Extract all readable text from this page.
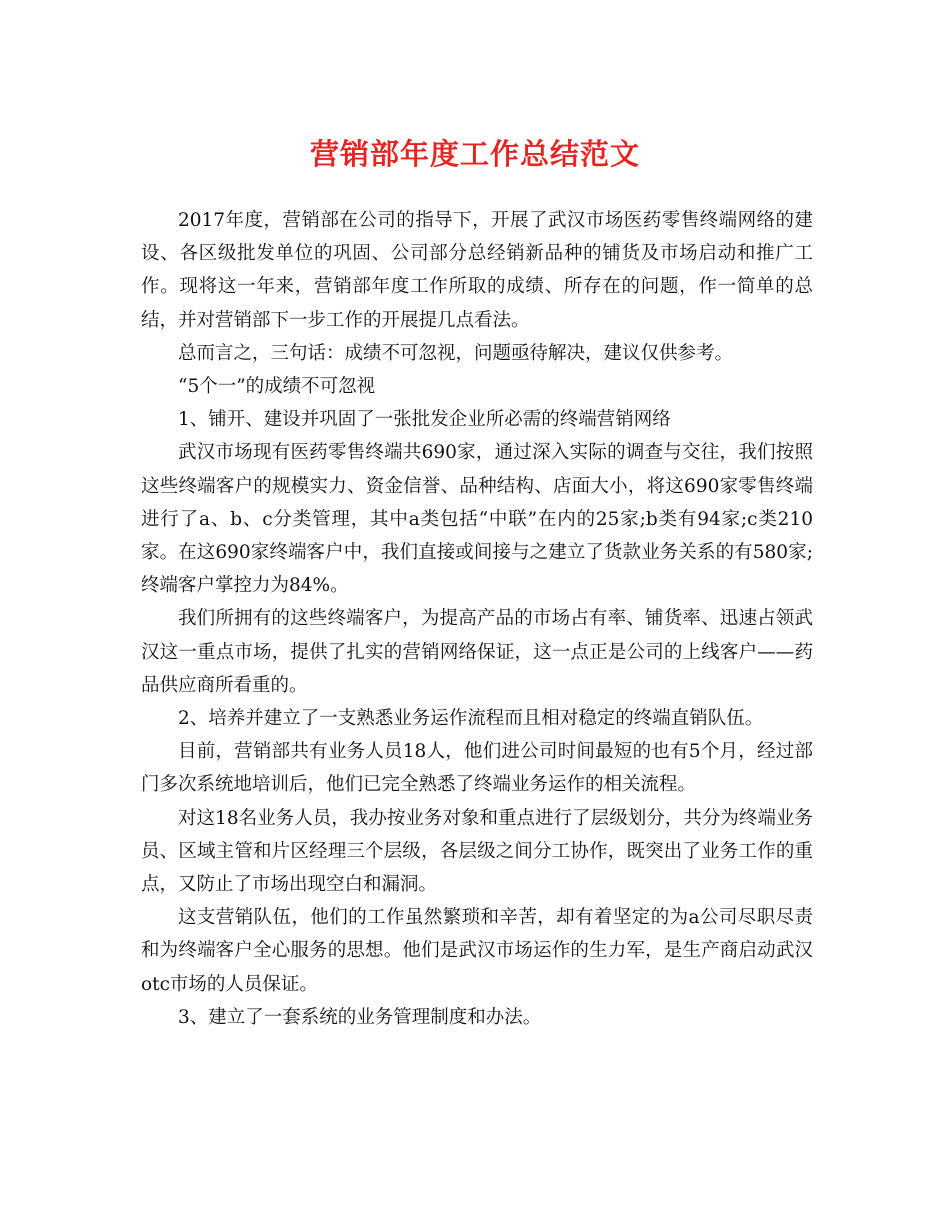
营销部年度工作总结范文

2017年度，营销部在公司的指导下，开展了武汉市场医药零售终端网络的建设、各区级批发单位的巩固、公司部分总经销新品种的铺货及市场启动和推广工作。现将这一年来，营销部年度工作所取的成绩、所存在的问题，作一简单的总结，并对营销部下一步工作的开展提几点看法。

总而言之，三句话：成绩不可忽视，问题亟待解决，建议仅供参考。

“5个一”的成绩不可忽视

1、铺开、建设并巩固了一张批发企业所必需的终端营销网络

武汉市场现有医药零售终端共690家，通过深入实际的调查与交往，我们按照这些终端客户的规模实力、资金信誉、品种结构、店面大小，将这690家零售终端进行了a、b、c分类管理，其中a类包括“中联”在内的25家;b类有94家;c类210家。在这690家终端客户中，我们直接或间接与之建立了货款业务关系的有580家;终端客户掌控力为84%。

我们所拥有的这些终端客户，为提高产品的市场占有率、铺货率、迅速占领武汉这一重点市场，提供了扎实的营销网络保证，这一点正是公司的上线客户——药品供应商所看重的。

2、培养并建立了一支熟悉业务运作流程而且相对稳定的终端直销队伍。

目前，营销部共有业务人员18人，他们进公司时间最短的也有5个月，经过部门多次系统地培训后，他们已完全熟悉了终端业务运作的相关流程。

对这18名业务人员，我办按业务对象和重点进行了层级划分，共分为终端业务员、区域主管和片区经理三个层级，各层级之间分工协作，既突出了业务工作的重点，又防止了市场出现空白和漏洞。

这支营销队伍，他们的工作虽然繁琐和辛苦，却有着坚定的为a公司尽职尽责和为终端客户全心服务的思想。他们是武汉市场运作的生力军，是生产商启动武汉otc市场的人员保证。

3、建立了一套系统的业务管理制度和办法。
